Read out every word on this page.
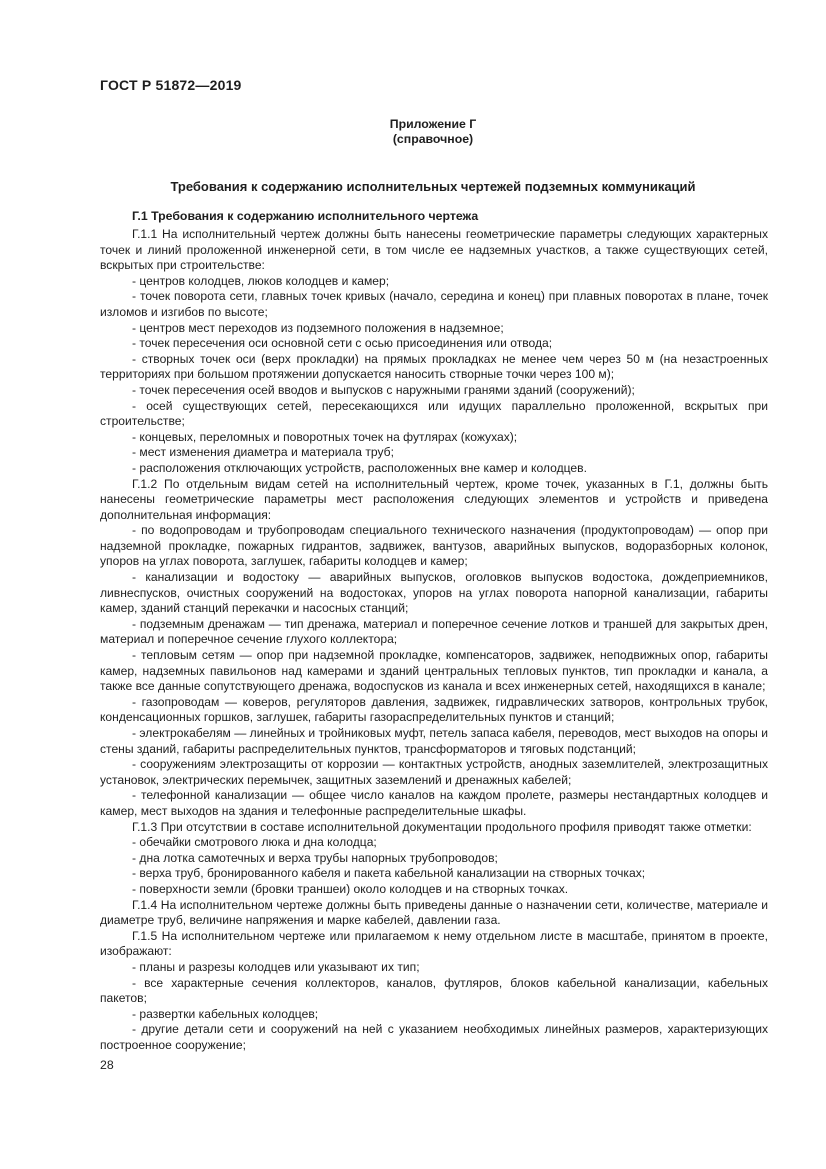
ГОСТ Р 51872—2019
Приложение Г
(справочное)
Требования к содержанию исполнительных чертежей подземных коммуникаций
Г.1 Требования к содержанию исполнительного чертежа

Г.1.1 На исполнительный чертеж должны быть нанесены геометрические параметры следующих характерных точек и линий проложенной инженерной сети, в том числе ее надземных участков, а также существующих сетей, вскрытых при строительстве:

- центров колодцев, люков колодцев и камер;

- точек поворота сети, главных точек кривых (начало, середина и конец) при плавных поворотах в плане, точек изломов и изгибов по высоте;

- центров мест переходов из подземного положения в надземное;

- точек пересечения оси основной сети с осью присоединения или отвода;

- створных точек оси (верх прокладки) на прямых прокладках не менее чем через 50 м (на незастроенных территориях при большом протяжении допускается наносить створные точки через 100 м);

- точек пересечения осей вводов и выпусков с наружными гранями зданий (сооружений);

- осей существующих сетей, пересекающихся или идущих параллельно проложенной, вскрытых при строительстве;

- концевых, переломных и поворотных точек на футлярах (кожухах);

- мест изменения диаметра и материала труб;

- расположения отключающих устройств, расположенных вне камер и колодцев.

Г.1.2 По отдельным видам сетей на исполнительный чертеж, кроме точек, указанных в Г.1, должны быть нанесены геометрические параметры мест расположения следующих элементов и устройств и приведена дополнительная информация:

- по водопроводам и трубопроводам специального технического назначения (продуктопроводам) — опор при надземной прокладке, пожарных гидрантов, задвижек, вантузов, аварийных выпусков, водоразборных колонок, упоров на углах поворота, заглушек, габариты колодцев и камер;

- канализации и водостоку — аварийных выпусков, оголовков выпусков водостока, дождеприемников, ливнеспусков, очистных сооружений на водостоках, упоров на углах поворота напорной канализации, габариты камер, зданий станций перекачки и насосных станций;

- подземным дренажам — тип дренажа, материал и поперечное сечение лотков и траншей для закрытых дрен, материал и поперечное сечение глухого коллектора;

- тепловым сетям — опор при надземной прокладке, компенсаторов, задвижек, неподвижных опор, габариты камер, надземных павильонов над камерами и зданий центральных тепловых пунктов, тип прокладки и канала, а также все данные сопутствующего дренажа, водоспусков из канала и всех инженерных сетей, находящихся в канале;

- газопроводам — коверов, регуляторов давления, задвижек, гидравлических затворов, контрольных трубок, конденсационных горшков, заглушек, габариты газораспределительных пунктов и станций;

- электрокабелям — линейных и тройниковых муфт, петель запаса кабеля, переводов, мест выходов на опоры и стены зданий, габариты распределительных пунктов, трансформаторов и тяговых подстанций;

- сооружениям электрозащиты от коррозии — контактных устройств, анодных заземлителей, электрозащитных установок, электрических перемычек, защитных заземлений и дренажных кабелей;

- телефонной канализации — общее число каналов на каждом пролете, размеры нестандартных колодцев и камер, мест выходов на здания и телефонные распределительные шкафы.

Г.1.3 При отсутствии в составе исполнительной документации продольного профиля приводят также отметки:

- обечайки смотрового люка и дна колодца;

- дна лотка самотечных и верха трубы напорных трубопроводов;

- верха труб, бронированного кабеля и пакета кабельной канализации на створных точках;

- поверхности земли (бровки траншеи) около колодцев и на створных точках.

Г.1.4 На исполнительном чертеже должны быть приведены данные о назначении сети, количестве, материале и диаметре труб, величине напряжения и марке кабелей, давлении газа.

Г.1.5 На исполнительном чертеже или прилагаемом к нему отдельном листе в масштабе, принятом в проекте, изображают:

- планы и разрезы колодцев или указывают их тип;

- все характерные сечения коллекторов, каналов, футляров, блоков кабельной канализации, кабельных пакетов;

- развертки кабельных колодцев;

- другие детали сети и сооружений на ней с указанием необходимых линейных размеров, характеризующих построенное сооружение;

28
